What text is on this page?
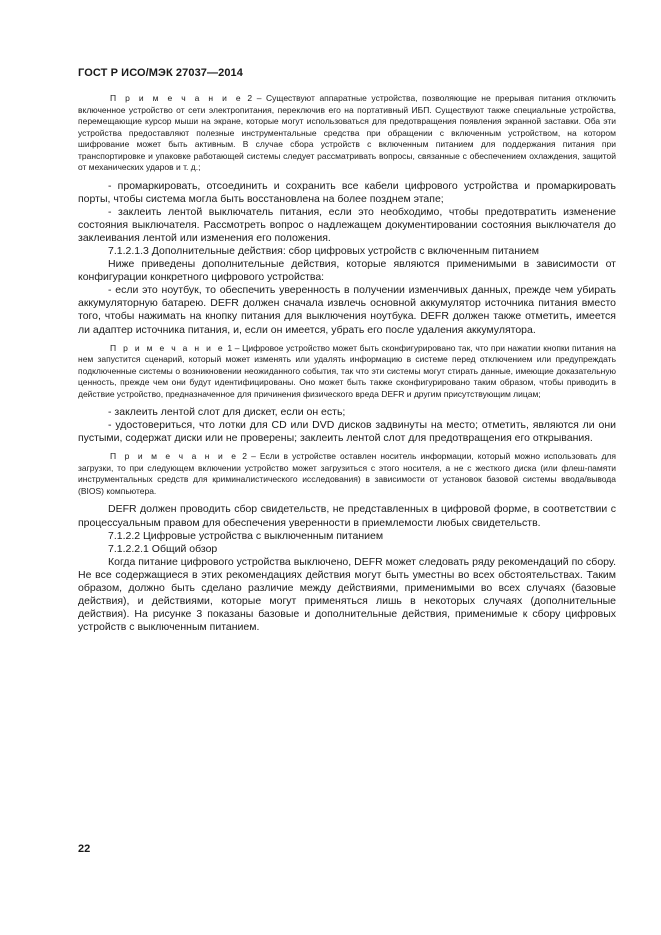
ГОСТ Р ИСО/МЭК 27037—2014

П р и м е ч а н и е 2 – Существуют аппаратные устройства, позволяющие не прерывая питания отключить включенное устройство от сети электропитания, переключив его на портативный ИБП. Существуют также специальные устройства, перемещающие курсор мыши на экране, которые могут использоваться для предотвращения появления экранной заставки. Оба эти устройства предоставляют полезные инструментальные средства при обращении с включенным устройством, на котором шифрование может быть активным. В случае сбора устройств с включенным питанием для поддержания питания при транспортировке и упаковке работающей системы следует рассматривать вопросы, связанные с обеспечением охлаждения, защитой от механических ударов и т. д.;

- промаркировать, отсоединить и сохранить все кабели цифрового устройства и промаркировать порты, чтобы система могла быть восстановлена на более позднем этапе;

- заклеить лентой выключатель питания, если это необходимо, чтобы предотвратить изменение состояния выключателя. Рассмотреть вопрос о надлежащем документировании состояния выключателя до заклеивания лентой или изменения его положения.

7.1.2.1.3 Дополнительные действия: сбор цифровых устройств с включенным питанием

Ниже приведены дополнительные действия, которые являются применимыми в зависимости от конфигурации конкретного цифрового устройства:

- если это ноутбук, то обеспечить уверенность в получении изменчивых данных, прежде чем убирать аккумуляторную батарею. DEFR должен сначала извлечь основной аккумулятор источника питания вместо того, чтобы нажимать на кнопку питания для выключения ноутбука. DEFR должен также отметить, имеется ли адаптер источника питания, и, если он имеется, убрать его после удаления аккумулятора.

П р и м е ч а н и е 1 – Цифровое устройство может быть сконфигурировано так, что при нажатии кнопки питания на нем запустится сценарий, который может изменять или удалять информацию в системе перед отключением или предупреждать подключенные системы о возникновении неожиданного события, так что эти системы могут стирать данные, имеющие доказательную ценность, прежде чем они будут идентифицированы. Оно может быть также сконфигурировано таким образом, чтобы приводить в действие устройство, предназначенное для причинения физического вреда DEFR и другим присутствующим лицам;

- заклеить лентой слот для дискет, если он есть;

- удостовериться, что лотки для CD или DVD дисков задвинуты на место; отметить, являются ли они пустыми, содержат диски или не проверены; заклеить лентой слот для предотвращения его открывания.

П р и м е ч а н и е 2 – Если в устройстве оставлен носитель информации, который можно использовать для загрузки, то при следующем включении устройство может загрузиться с этого носителя, а не с жесткого диска (или флеш-памяти инструментальных средств для криминалистического исследования) в зависимости от установок базовой системы ввода/вывода (BIOS) компьютера.

DEFR должен проводить сбор свидетельств, не представленных в цифровой форме, в соответствии с процессуальным правом для обеспечения уверенности в приемлемости любых свидетельств.

7.1.2.2 Цифровые устройства с выключенным питанием

7.1.2.2.1 Общий обзор

Когда питание цифрового устройства выключено, DEFR может следовать ряду рекомендаций по сбору. Не все содержащиеся в этих рекомендациях действия могут быть уместны во всех обстоятельствах. Таким образом, должно быть сделано различие между действиями, применимыми во всех случаях (базовые действия), и действиями, которые могут применяться лишь в некоторых случаях (дополнительные действия). На рисунке 3 показаны базовые и дополнительные действия, применимые к сбору цифровых устройств с выключенным питанием.

22
